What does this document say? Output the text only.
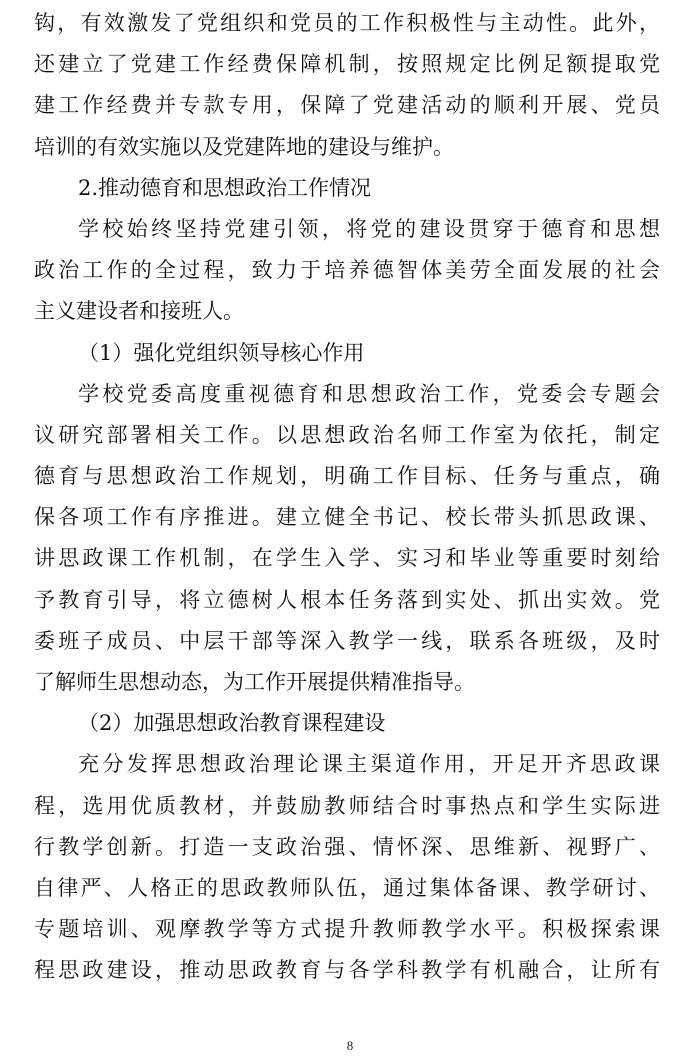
钩，有效激发了党组织和党员的工作积极性与主动性。此外，
还建立了党建工作经费保障机制，按照规定比例足额提取党
建工作经费并专款专用，保障了党建活动的顺利开展、党员
培训的有效实施以及党建阵地的建设与维护。
2.推动德育和思想政治工作情况
学校始终坚持党建引领，将党的建设贯穿于德育和思想
政治工作的全过程，致力于培养德智体美劳全面发展的社会
主义建设者和接班人。
（1）强化党组织领导核心作用
学校党委高度重视德育和思想政治工作，党委会专题会
议研究部署相关工作。以思想政治名师工作室为依托，制定
德育与思想政治工作规划，明确工作目标、任务与重点，确
保各项工作有序推进。建立健全书记、校长带头抓思政课、
讲思政课工作机制，在学生入学、实习和毕业等重要时刻给
予教育引导，将立德树人根本任务落到实处、抓出实效。党
委班子成员、中层干部等深入教学一线，联系各班级，及时
了解师生思想动态，为工作开展提供精准指导。
（2）加强思想政治教育课程建设
充分发挥思想政治理论课主渠道作用，开足开齐思政课
程，选用优质教材，并鼓励教师结合时事热点和学生实际进
行教学创新。打造一支政治强、情怀深、思维新、视野广、
自律严、人格正的思政教师队伍，通过集体备课、教学研讨、
专题培训、观摩教学等方式提升教师教学水平。积极探索课
程思政建设，推动思政教育与各学科教学有机融合，让所有
8
